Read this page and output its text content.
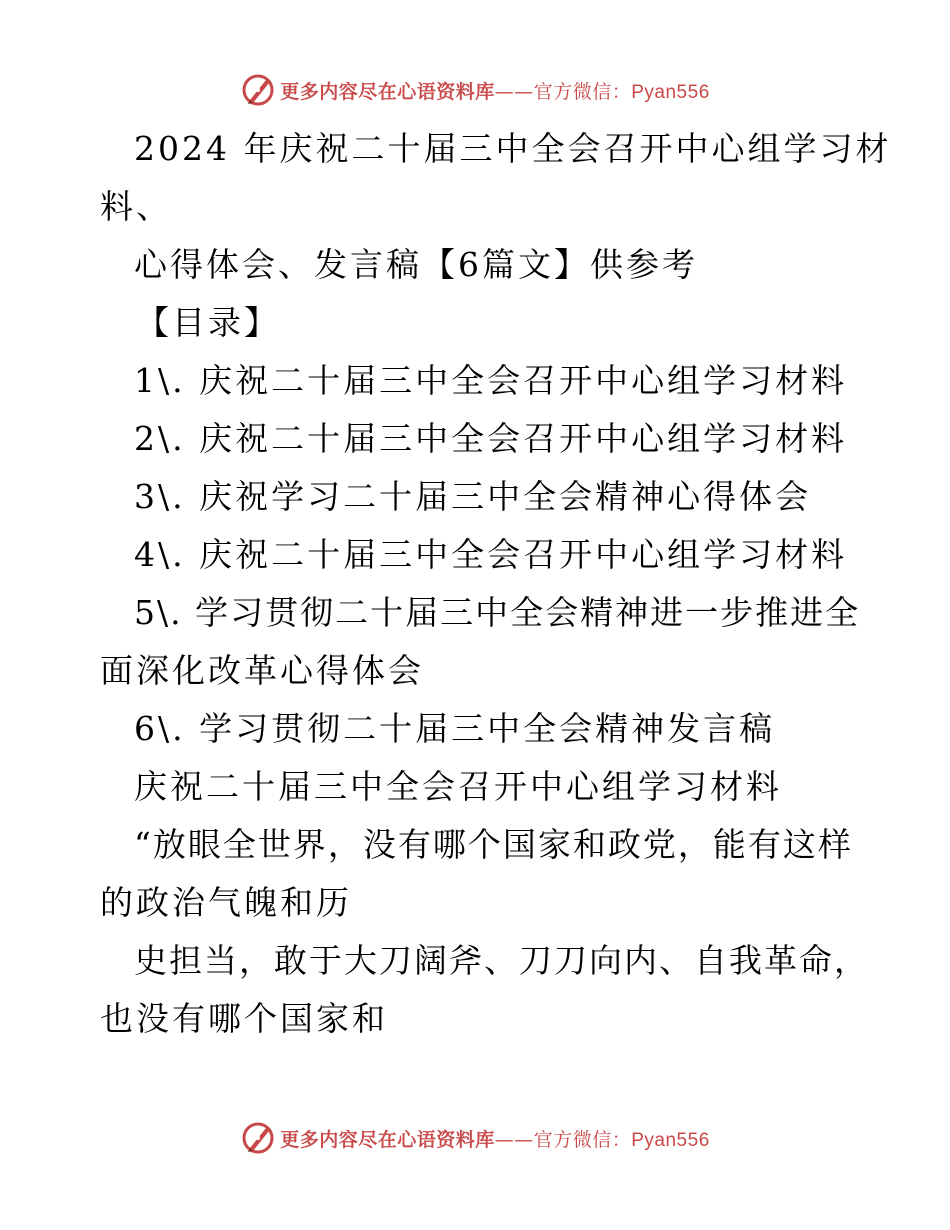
更多内容尽在心语资料库——官方微信：Pyan556

2024 年庆祝二十届三中全会召开中心组学习材

料、

心得体会、发言稿【6篇文】供参考

【目录】

1\. 庆祝二十届三中全会召开中心组学习材料

2\. 庆祝二十届三中全会召开中心组学习材料

3\. 庆祝学习二十届三中全会精神心得体会

4\. 庆祝二十届三中全会召开中心组学习材料

5\. 学习贯彻二十届三中全会精神进一步推进全

面深化改革心得体会

6\. 学习贯彻二十届三中全会精神发言稿

庆祝二十届三中全会召开中心组学习材料

“放眼全世界，没有哪个国家和政党，能有这样

的政治气魄和历

史担当，敢于大刀阔斧、刀刀向内、自我革命，

也没有哪个国家和

更多内容尽在心语资料库——官方微信：Pyan556
